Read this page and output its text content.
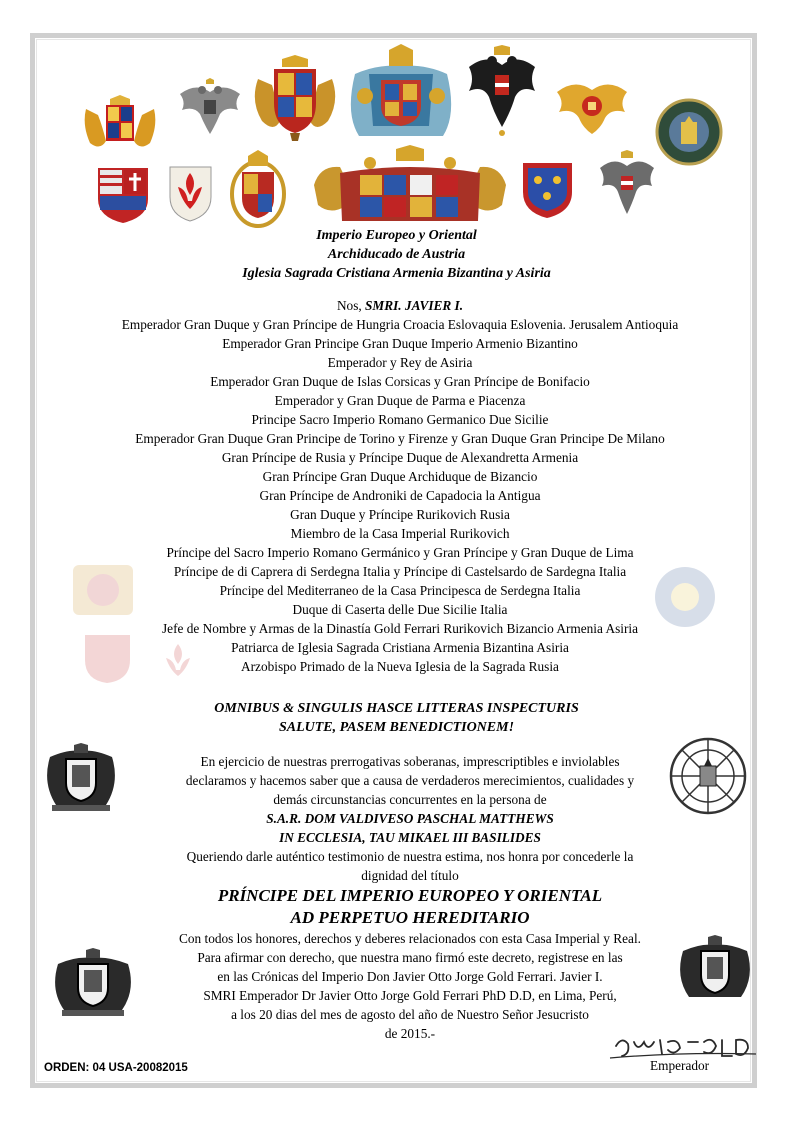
Imperio Europeo y Oriental
Archiducado de Austria
Iglesia Sagrada Cristiana Armenia Bizantina y Asiria
Nos, SMRI. JAVIER I.
Emperador Gran Duque y Gran Príncipe de Hungria Croacia Eslovaquia Eslovenia. Jerusalem Antioquia
Emperador Gran Principe Gran Duque Imperio Armenio Bizantino
Emperador y Rey de Asiria
Emperador Gran Duque de Islas Corsicas y Gran Príncipe de Bonifacio
Emperador y Gran Duque de Parma e Piacenza
Principe Sacro Imperio Romano Germanico Due Sicilie
Emperador Gran Duque Gran Principe de Torino y Firenze y Gran Duque Gran Principe De Milano
Gran Príncipe de Rusia y Príncipe Duque de Alexandretta Armenia
Gran Príncipe Gran Duque Archiduque de Bizancio
Gran Príncipe de Androniki de Capadocia la Antigua
Gran Duque y Príncipe Rurikovich Rusia
Miembro de la Casa Imperial Rurikovich
Príncipe del Sacro Imperio Romano Germánico y Gran Príncipe y Gran Duque de Lima
Príncipe de di Caprera di Serdegna Italia y Príncipe di Castelsardo de Sardegna Italia
Príncipe del Mediterraneo de la Casa Principesca de Serdegna Italia
Duque di Caserta delle Due Sicilie Italia
Jefe de Nombre y Armas de la Dinastía Gold Ferrari Rurikovich Bizancio Armenia Asiria
Patriarca de Iglesia Sagrada Cristiana Armenia Bizantina Asiria
Arzobispo Primado de la Nueva Iglesia de la Sagrada Rusia
OMNIBUS & SINGULIS HASCE LITTERAS INSPECTURIS
SALUTE, PASEM BENEDICTIONEM!
En ejercicio de nuestras prerrogativas soberanas, imprescriptibles e inviolables
declaramos y hacemos saber que a causa de verdaderos merecimientos, cualidades y
demás circunstancias concurrentes en la persona de
S.A.R. DOM VALDIVESO PASCHAL MATTHEWS
IN ECCLESIA, TAU MIKAEL III BASILIDES
Queriendo darle auténtico testimonio de nuestra estima, nos honra por concederle la
dignidad del título
PRÍNCIPE DEL IMPERIO EUROPEO Y ORIENTAL
AD PERPETUO HEREDITARIO
Con todos los honores, derechos y deberes relacionados con esta Casa Imperial y Real.
Para afirmar con derecho, que nuestra mano firmó este decreto, registrese en las
en las Crónicas del Imperio Don Javier Otto Jorge Gold Ferrari. Javier I.
SMRI Emperador Dr Javier Otto Jorge Gold Ferrari PhD D.D, en Lima, Perú,
a los 20 dias del mes de agosto del año de Nuestro Señor Jesucristo
de 2015.-
ORDEN: 04 USA-20082015	Emperador
